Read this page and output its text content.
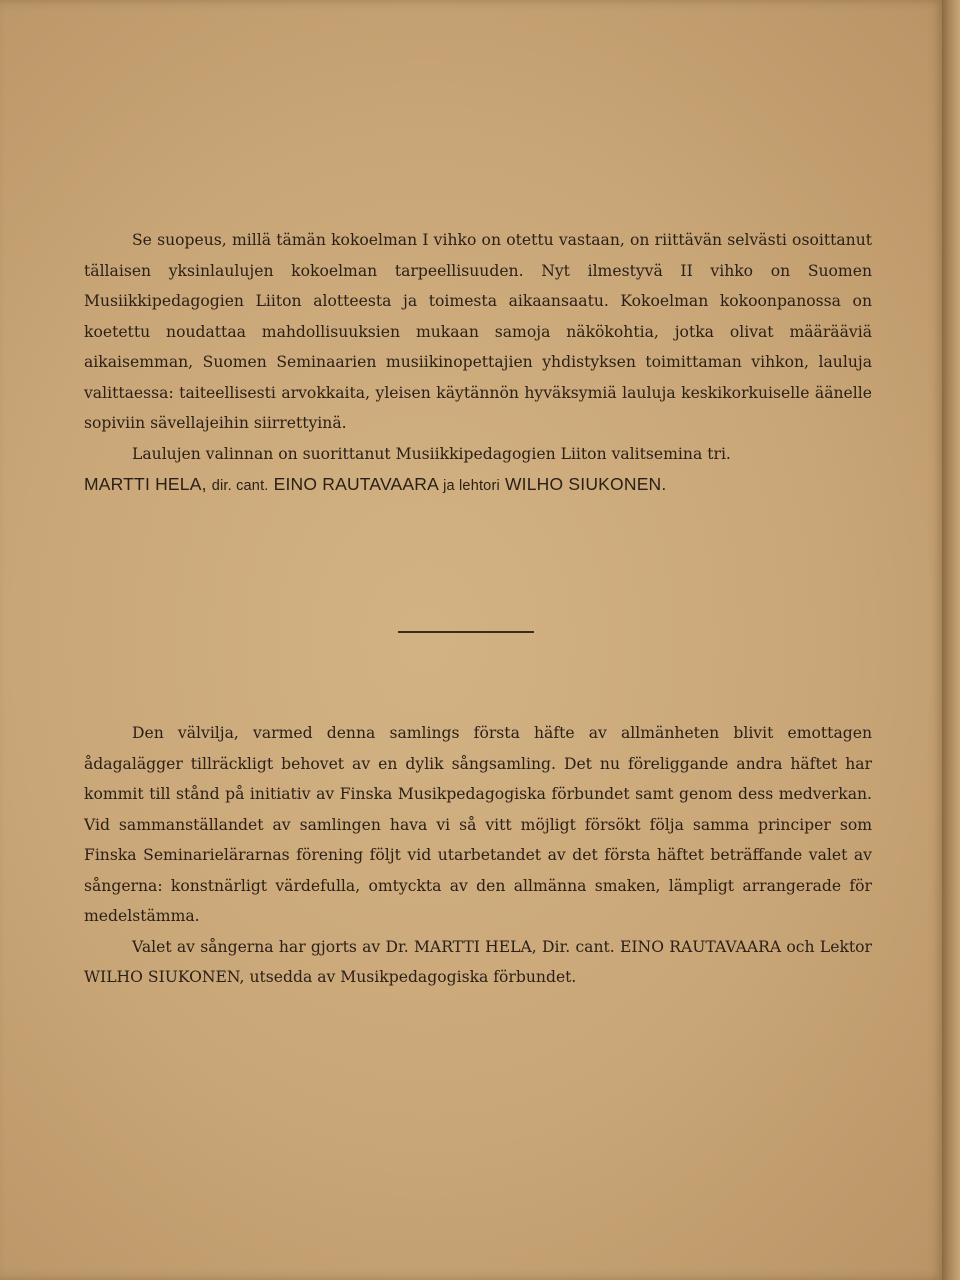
Se suopeus, millä tämän kokoelman I vihko on otettu vastaan, on riittävän selvästi osoittanut tällaisen yksinlaulujen kokoelman tarpeellisuuden. Nyt ilmestyvä II vihko on Suomen Musiikkipedagogien Liiton alotteesta ja toimesta aikaansaatu. Kokoelman kokoonpanossa on koetettu noudattaa mahdollisuuksien mukaan samoja näkökohtia, jotka olivat määrääviä aikaisemman, Suomen Seminaarien musiikinopettajien yhdistyksen toimittaman vihkon, lauluja valittaessa: taiteellisesti arvokkaita, yleisen käytännön hyväksymiä lauluja keskikorkuiselle äänelle sopiviin sävellajeihin siirrettyinä.

Laulujen valinnan on suorittanut Musiikkipedagogien Liiton valitsemina tri.

MARTTI HELA, dir. cant. EINO RAUTAVAARA ja lehtori WILHO SIUKONEN.

Den välvilja, varmed denna samlings första häfte av allmänheten blivit emottagen ådagalägger tillräckligt behovet av en dylik sångsamling. Det nu föreliggande andra häftet har kommit till stånd på initiativ av Finska Musikpedagogiska förbundet samt genom dess medverkan. Vid sammanställandet av samlingen hava vi så vitt möjligt försökt följa samma principer som Finska Seminarielärarnas förening följt vid utarbetandet av det första häftet beträffande valet av sångerna: konstnärligt värdefulla, omtyckta av den allmänna smaken, lämpligt arrangerade för medelstämma.

Valet av sångerna har gjorts av Dr. MARTTI HELA, Dir. cant. EINO RAUTAVAARA och Lektor WILHO SIUKONEN, utsedda av Musikpedagogiska förbundet.
